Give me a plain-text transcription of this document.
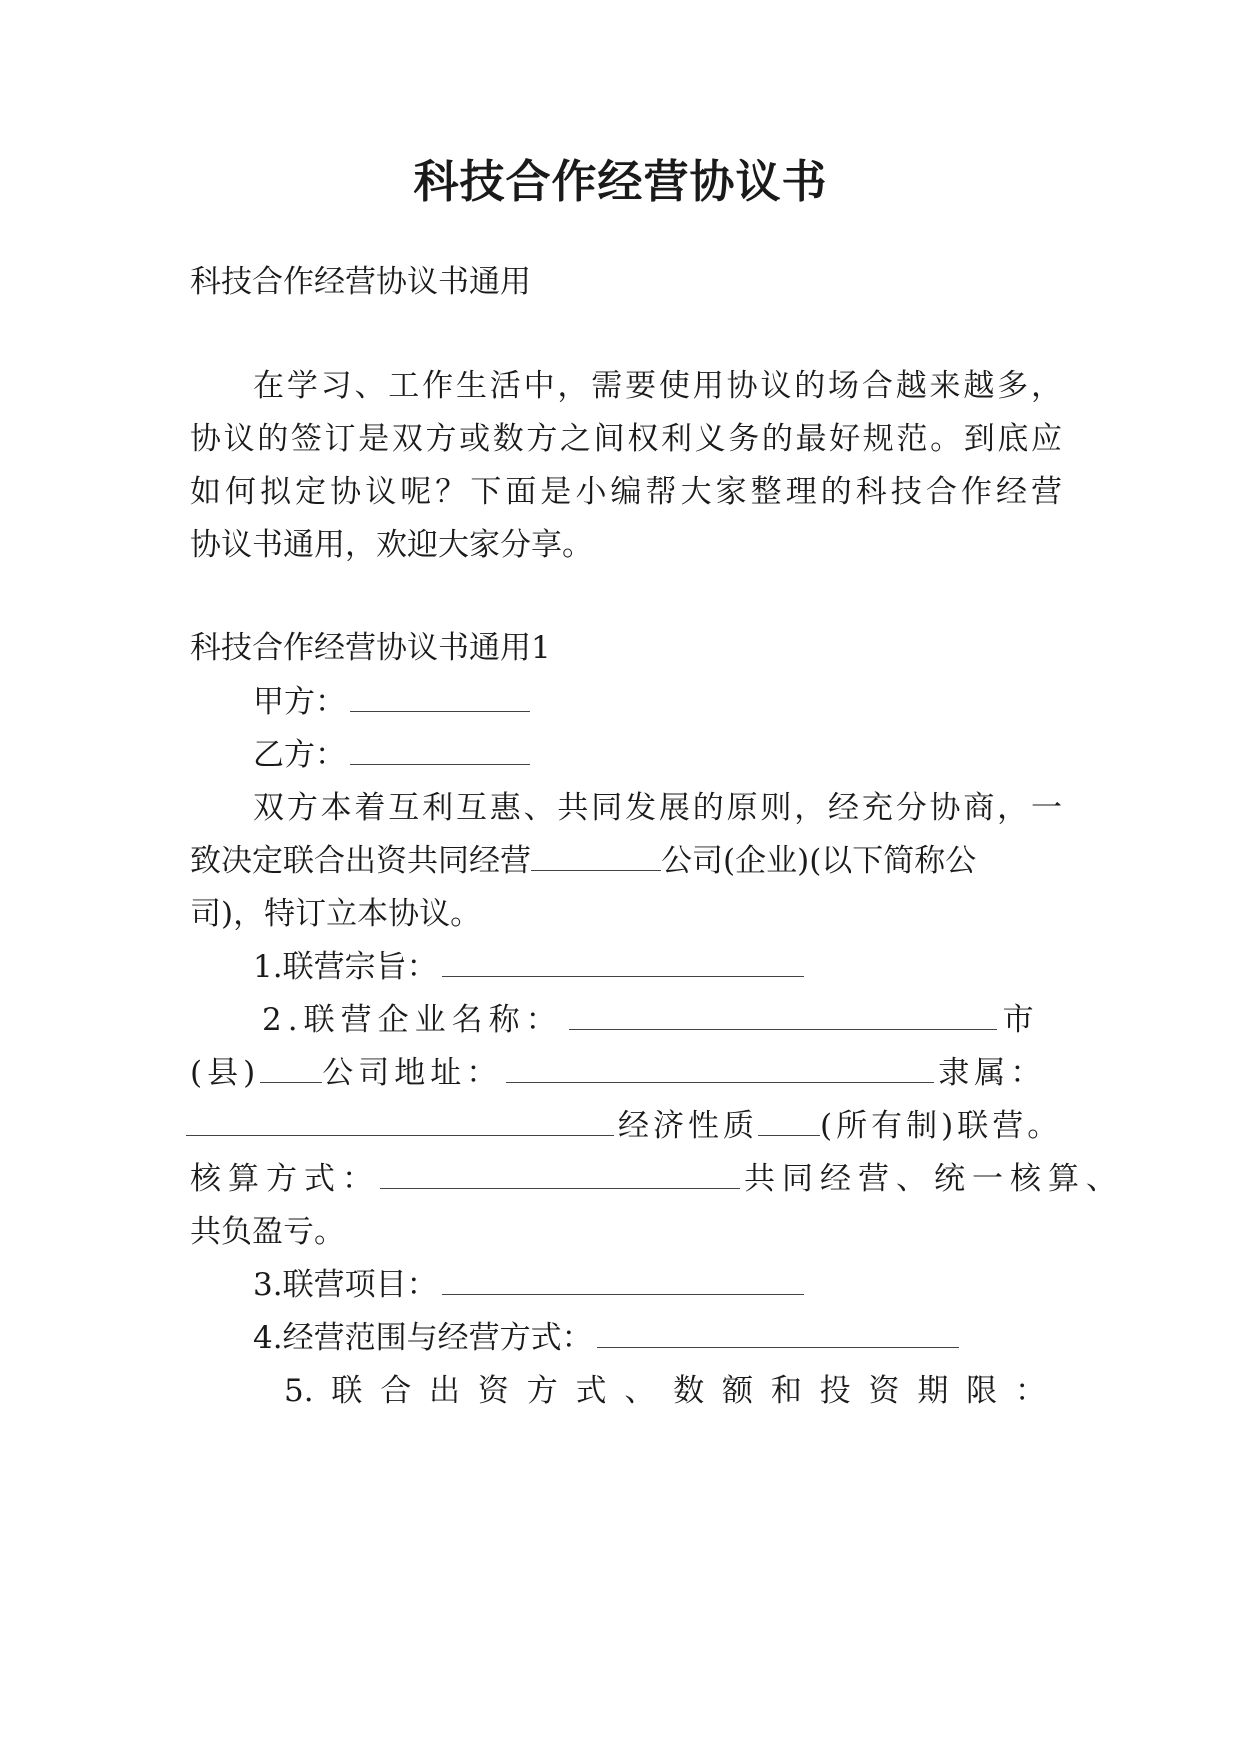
科技合作经营协议书
科技合作经营协议书通用
在学习、工作生活中，需要使用协议的场合越来越多，
协议的签订是双方或数方之间权利义务的最好规范。到底应
如何拟定协议呢？下面是小编帮大家整理的科技合作经营
协议书通用，欢迎大家分享。
科技合作经营协议书通用1
甲方：
乙方：
双方本着互利互惠、共同发展的原则，经充分协商，一
致决定联合出资共同经营	公司(企业)(以下简称公
司)，特订立本协议。
1.联营宗旨：
2.联营企业名称：	市
(县) 公司地址：	隶属：
经济性质 (所有制)联营。
核算方式：	共同经营、统一核算、
共负盈亏。
3.联营项目：
4.经营范围与经营方式：
5.联合出资方式、数额和投资期限：
